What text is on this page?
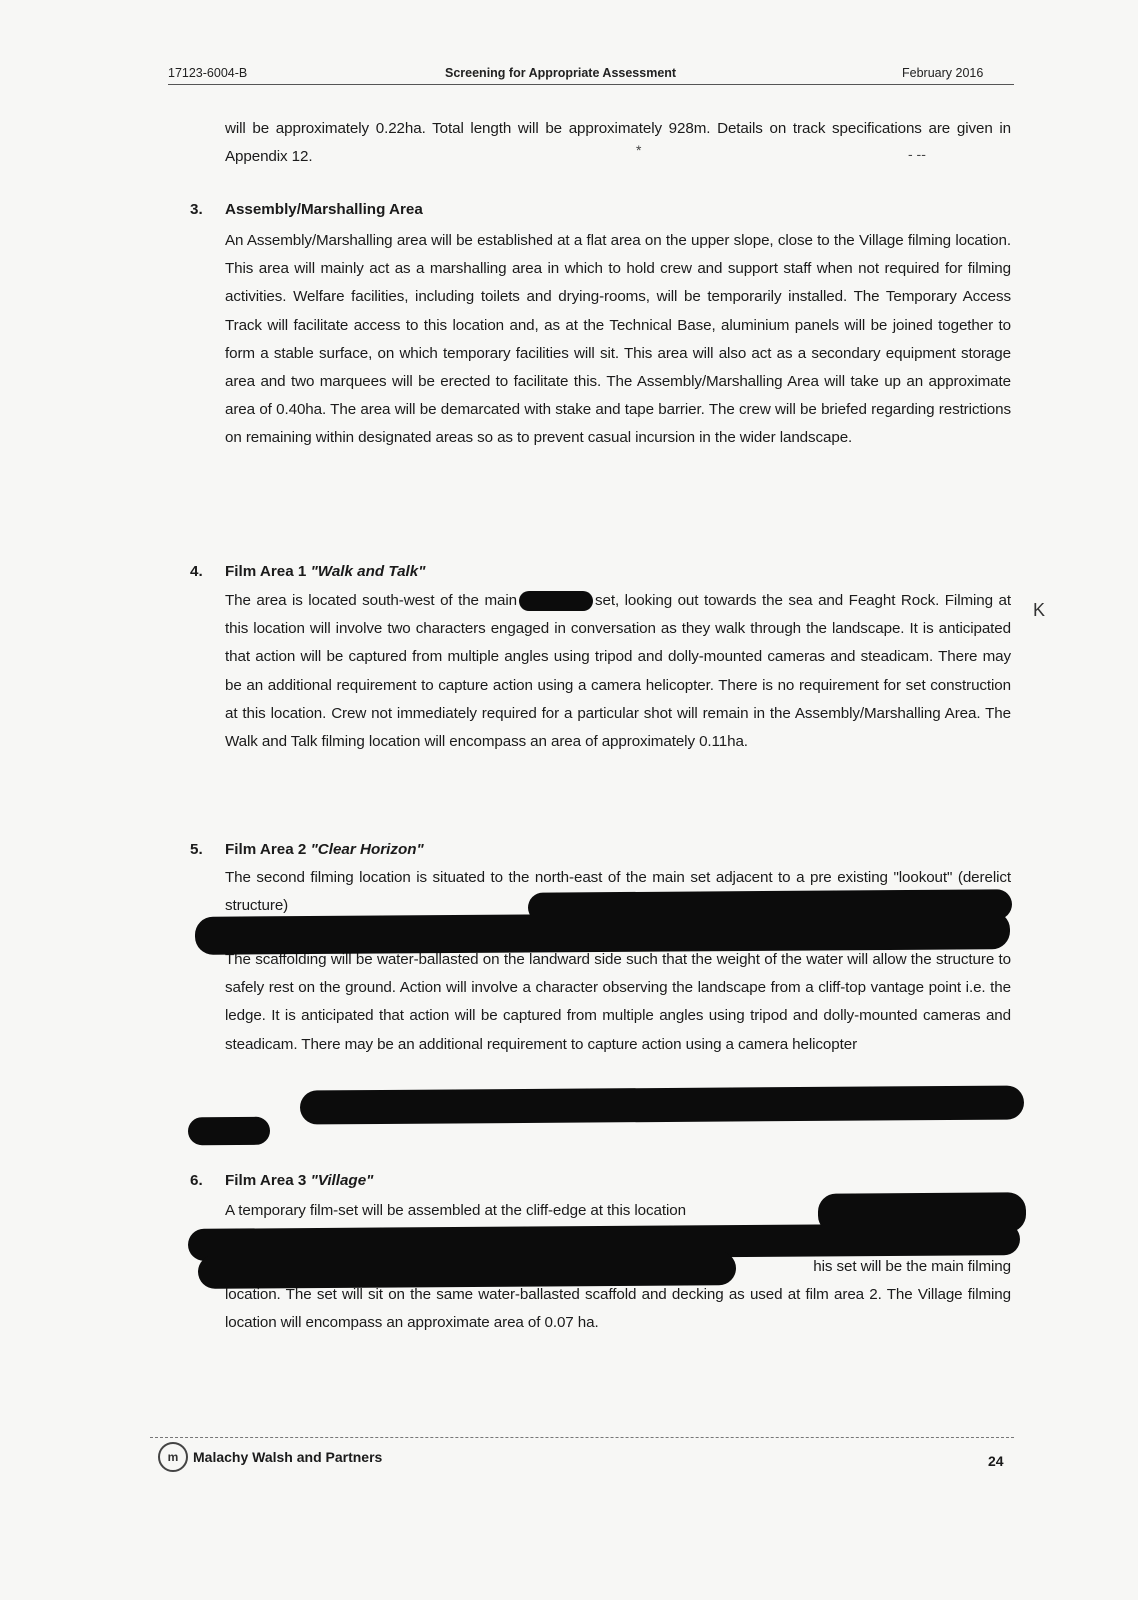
17123-6004-B	Screening for Appropriate Assessment	February 2016

will be approximately 0.22ha. Total length will be approximately 928m. Details on track specifications are given in Appendix 12.	*	‐ ‐‐
3. Assembly/Marshalling Area

An Assembly/Marshalling area will be established at a flat area on the upper slope, close to the Village filming location. This area will mainly act as a marshalling area in which to hold crew and support staff when not required for filming activities. Welfare facilities, including toilets and drying-rooms, will be temporarily installed. The Temporary Access Track will facilitate access to this location and, as at the Technical Base, aluminium panels will be joined together to form a stable surface, on which temporary facilities will sit. This area will also act as a secondary equipment storage area and two marquees will be erected to facilitate this. The Assembly/Marshalling Area will take up an approximate area of 0.40ha. The area will be demarcated with stake and tape barrier. The crew will be briefed regarding restrictions on remaining within designated areas so as to prevent casual incursion in the wider landscape.

4. Film Area 1 "Walk and Talk"

The area is located south-west of the main	set, looking out towards the sea and Feaght Rock. Filming at this location will involve two characters engaged in conversation as they walk through the landscape. It is anticipated that action will be captured from multiple angles using tripod and dolly-mounted cameras and steadicam. There may be an additional requirement to capture action using a camera helicopter. There is no requirement for set construction at this location. Crew not immediately required for a particular shot will remain in the Assembly/Marshalling Area. The Walk and Talk filming location will encompass an area of approximately 0.11ha.

K
5. Film Area 2 "Clear Horizon"

The second filming location is situated to the north-east of the main set adjacent to a pre existing "lookout" (derelict structure)

The scaffolding will be water-ballasted on the landward side such that the weight of the water will allow the structure to safely rest on the ground. Action will involve a character observing the landscape from a cliff-top vantage point i.e. the ledge. It is anticipated that action will be captured from multiple angles using tripod and dolly-mounted cameras and steadicam. There may be an additional requirement to capture action using a camera helicopter

6. Film Area 3 "Village"

A temporary film-set will be assembled at the cliff-edge at this location

his set will be the main filming

location. The set will sit on the same water-ballasted scaffold and decking as used at film area 2. The Village filming location will encompass an approximate area of 0.07 ha.

m	Malachy Walsh and Partners	24
